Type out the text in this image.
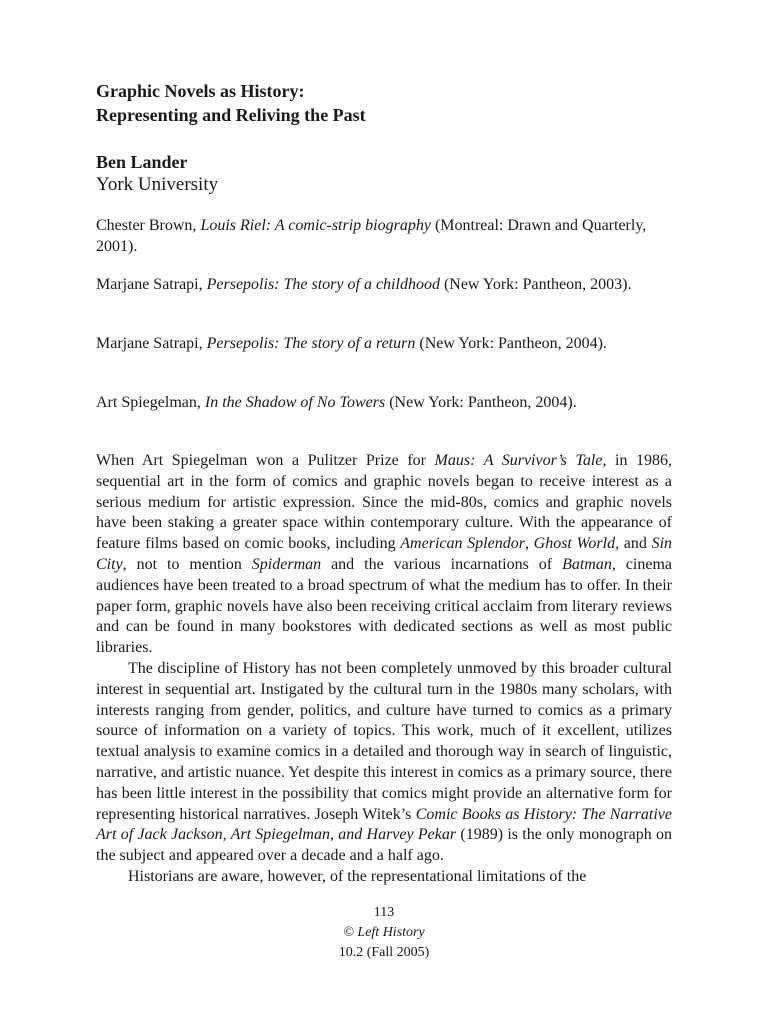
Graphic Novels as History:
Representing and Reliving the Past
Ben Lander
York University
Chester Brown, Louis Riel: A comic-strip biography (Montreal: Drawn and Quarterly, 2001).
Marjane Satrapi, Persepolis: The story of a childhood (New York: Pantheon, 2003).
Marjane Satrapi, Persepolis: The story of a return (New York: Pantheon, 2004).
Art Spiegelman, In the Shadow of No Towers (New York: Pantheon, 2004).

When Art Spiegelman won a Pulitzer Prize for Maus: A Survivor’s Tale, in 1986, sequential art in the form of comics and graphic novels began to receive interest as a serious medium for artistic expression. Since the mid-80s, comics and graphic novels have been staking a greater space within contemporary culture. With the appearance of feature films based on comic books, including American Splendor, Ghost World, and Sin City, not to mention Spiderman and the various incarnations of Batman, cinema audiences have been treated to a broad spectrum of what the medium has to offer. In their paper form, graphic novels have also been receiving critical acclaim from literary reviews and can be found in many bookstores with dedicated sections as well as most public libraries.

The discipline of History has not been completely unmoved by this broader cultural interest in sequential art. Instigated by the cultural turn in the 1980s many scholars, with interests ranging from gender, politics, and culture have turned to comics as a primary source of information on a variety of topics. This work, much of it excellent, utilizes textual analysis to examine comics in a detailed and thorough way in search of linguistic, narrative, and artistic nuance. Yet despite this interest in comics as a primary source, there has been little interest in the possibility that comics might provide an alternative form for representing historical narratives. Joseph Witek’s Comic Books as History: The Narrative Art of Jack Jackson, Art Spiegelman, and Harvey Pekar (1989) is the only monograph on the subject and appeared over a decade and a half ago.

Historians are aware, however, of the representational limitations of the

113
© Left History
10.2 (Fall 2005)
